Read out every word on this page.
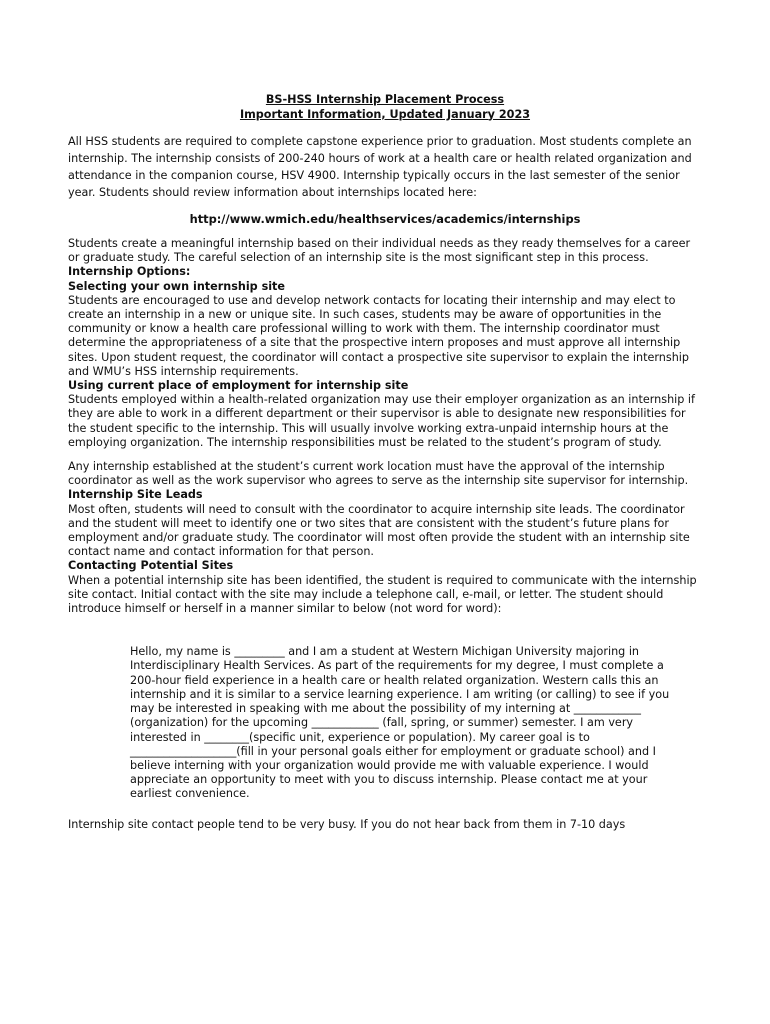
BS-HSS Internship Placement Process
Important Information, Updated January 2023

All HSS students are required to complete capstone experience prior to graduation. Most students complete an internship. The internship consists of 200-240 hours of work at a health care or health related organization and attendance in the companion course, HSV 4900. Internship typically occurs in the last semester of the senior year. Students should review information about internships located here:

http://www.wmich.edu/healthservices/academics/internships

Students create a meaningful internship based on their individual needs as they ready themselves for a career or graduate study. The careful selection of an internship site is the most significant step in this process.

Internship Options:

Selecting your own internship site

Students are encouraged to use and develop network contacts for locating their internship and may elect to create an internship in a new or unique site. In such cases, students may be aware of opportunities in the community or know a health care professional willing to work with them. The internship coordinator must determine the appropriateness of a site that the prospective intern proposes and must approve all internship sites. Upon student request, the coordinator will contact a prospective site supervisor to explain the internship and WMU’s HSS internship requirements.

Using current place of employment for internship site

Students employed within a health-related organization may use their employer organization as an internship if they are able to work in a different department or their supervisor is able to designate new responsibilities for the student specific to the internship. This will usually involve working extra-unpaid internship hours at the employing organization. The internship responsibilities must be related to the student’s program of study.

Any internship established at the student’s current work location must have the approval of the internship coordinator as well as the work supervisor who agrees to serve as the internship site supervisor for internship.

Internship Site Leads

Most often, students will need to consult with the coordinator to acquire internship site leads. The coordinator and the student will meet to identify one or two sites that are consistent with the student’s future plans for employment and/or graduate study. The coordinator will most often provide the student with an internship site contact name and contact information for that person.

Contacting Potential Sites

When a potential internship site has been identified, the student is required to communicate with the internship site contact. Initial contact with the site may include a telephone call, e-mail, or letter. The student should introduce himself or herself in a manner similar to below (not word for word):

Hello, my name is _________ and I am a student at Western Michigan University majoring in Interdisciplinary Health Services. As part of the requirements for my degree, I must complete a 200-hour field experience in a health care or health related organization. Western calls this an internship and it is similar to a service learning experience. I am writing (or calling) to see if you may be interested in speaking with me about the possibility of my interning at ____________ (organization) for the upcoming ____________ (fall, spring, or summer) semester. I am very interested in ________(specific unit, experience or population). My career goal is to ___________________(fill in your personal goals either for employment or graduate school) and I believe interning with your organization would provide me with valuable experience. I would appreciate an opportunity to meet with you to discuss internship. Please contact me at your earliest convenience.

Internship site contact people tend to be very busy. If you do not hear back from them in 7-10 days
